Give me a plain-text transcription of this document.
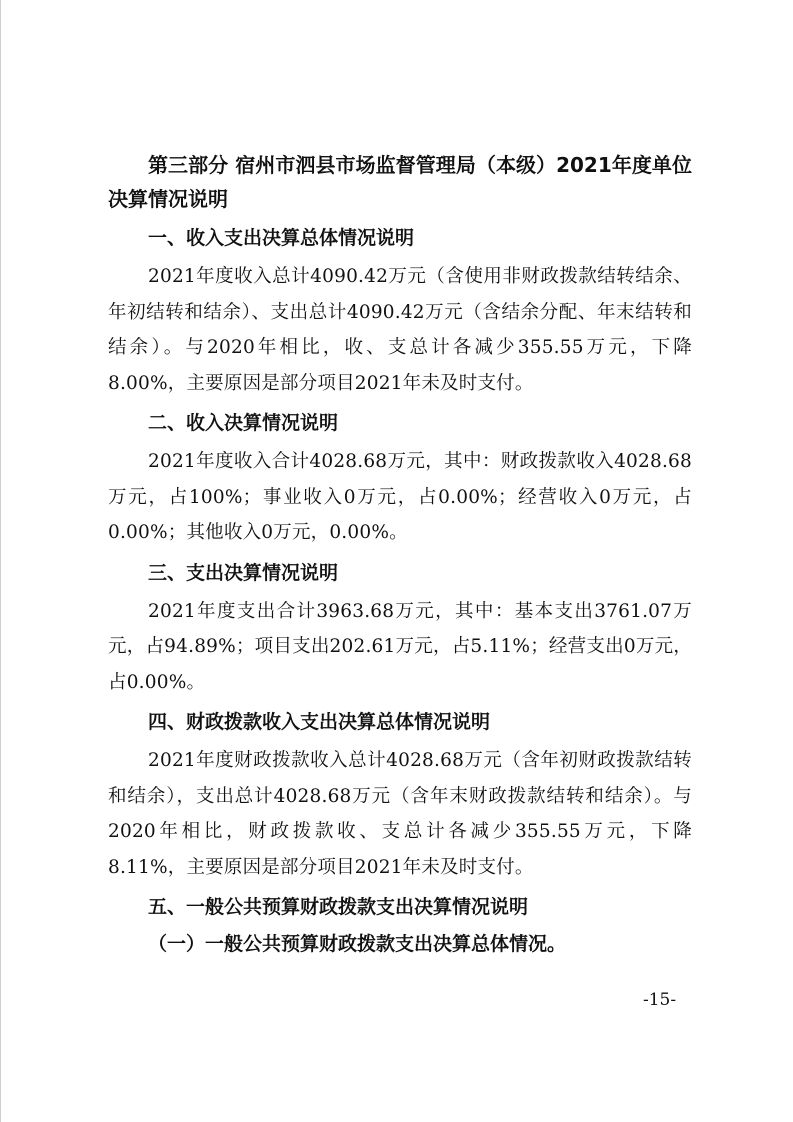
第三部分 宿州市泗县市场监督管理局（本级）2021年度单位决算情况说明

一、收入支出决算总体情况说明

2021年度收入总计4090.42万元（含使用非财政拨款结转结余、年初结转和结余）、支出总计4090.42万元（含结余分配、年末结转和结余）。与2020年相比，收、支总计各减少355.55万元，下降8.00%，主要原因是部分项目2021年未及时支付。

二、收入决算情况说明

2021年度收入合计4028.68万元，其中：财政拨款收入4028.68万元，占100%；事业收入0万元，占0.00%；经营收入0万元，占0.00%；其他收入0万元，0.00%。

三、支出决算情况说明

2021年度支出合计3963.68万元，其中：基本支出3761.07万元，占94.89%；项目支出202.61万元，占5.11%；经营支出0万元，占0.00%。

四、财政拨款收入支出决算总体情况说明

2021年度财政拨款收入总计4028.68万元（含年初财政拨款结转和结余），支出总计4028.68万元（含年末财政拨款结转和结余）。与2020年相比，财政拨款收、支总计各减少355.55万元，下降8.11%，主要原因是部分项目2021年未及时支付。

五、一般公共预算财政拨款支出决算情况说明

（一）一般公共预算财政拨款支出决算总体情况。

-15-
